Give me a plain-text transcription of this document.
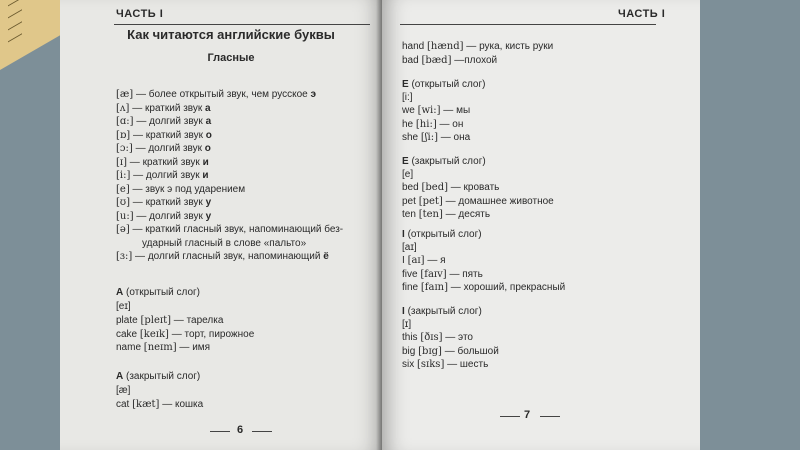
ЧАСТЬ I
Как читаются английские буквы
Гласные
[æ] — более открытый звук, чем русское э
[ʌ] — краткий звук а
[ɑ:] — долгий звук а
[ɒ] — краткий звук о
[ɔ:] — долгий звук о
[ɪ] — краткий звук и
[i:] — долгий звук и
[e] — звук э под ударением
[ʊ] — краткий звук у
[u:] — долгий звук у
[ə] — краткий гласный звук, напоминающий без-
ударный гласный в слове «пальто»
[ɜ:] — долгий гласный звук, напоминающий ё
A (открытый слог)
[eɪ]
plate [pleɪt] — тарелка
cake [keɪk] — торт, пирожное
name [neɪm] — имя
A (закрытый слог)
[æ]
cat [kæt] — кошка
6
ЧАСТЬ I
hand [hænd] — рука, кисть руки
bad [bæd] —плохой
E (открытый слог)
[i:]
we [wi:] — мы
he [hi:] — он
she [ʃi:] — она
E (закрытый слог)
[e]
bed [bed] — кровать
pet [pet] — домашнее животное
ten [ten] — десять
I (открытый слог)
[aɪ]
I [aɪ] — я
five [faɪv] — пять
fine [faɪn] — хороший, прекрасный
I (закрытый слог)
[ɪ]
this [ðɪs] — это
big [bɪg] — большой
six [sɪks] — шесть
7
